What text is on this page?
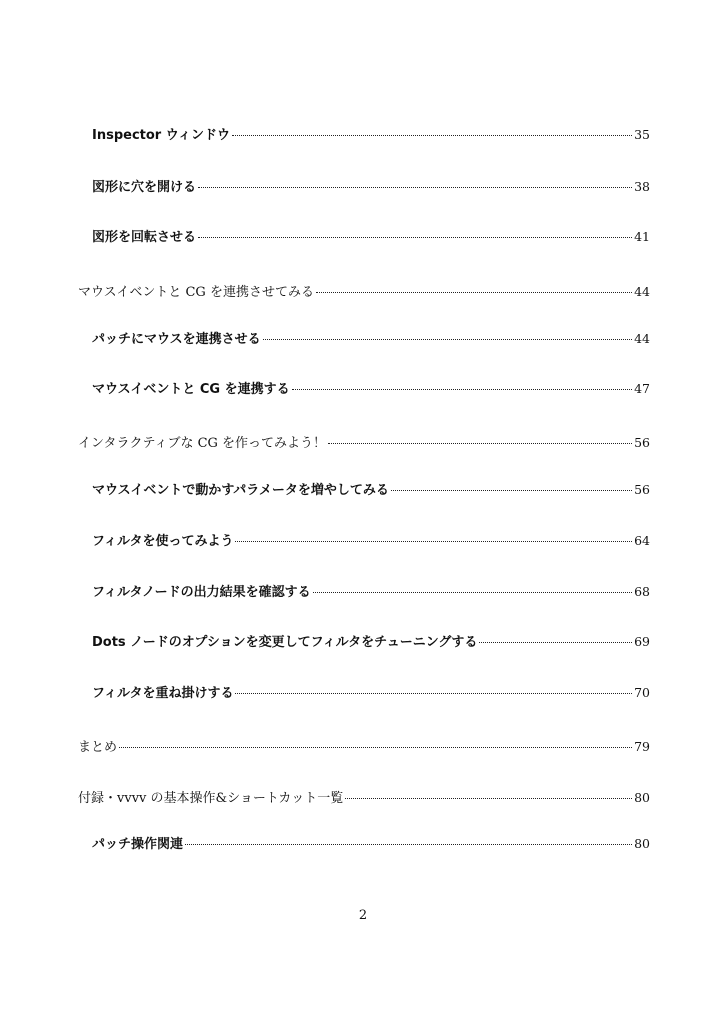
Inspector ウィンドウ	35
図形に穴を開ける	38
図形を回転させる	41
マウスイベントと CG を連携させてみる	44
パッチにマウスを連携させる	44
マウスイベントと CG を連携する	47
インタラクティブな CG を作ってみよう！	56
マウスイベントで動かすパラメータを増やしてみる	56
フィルタを使ってみよう	64
フィルタノードの出力結果を確認する	68
Dots ノードのオプションを変更してフィルタをチューニングする	69
フィルタを重ね掛けする	70
まとめ	79
付録・vvvv の基本操作&ショートカット一覧	80
パッチ操作関連	80
2
